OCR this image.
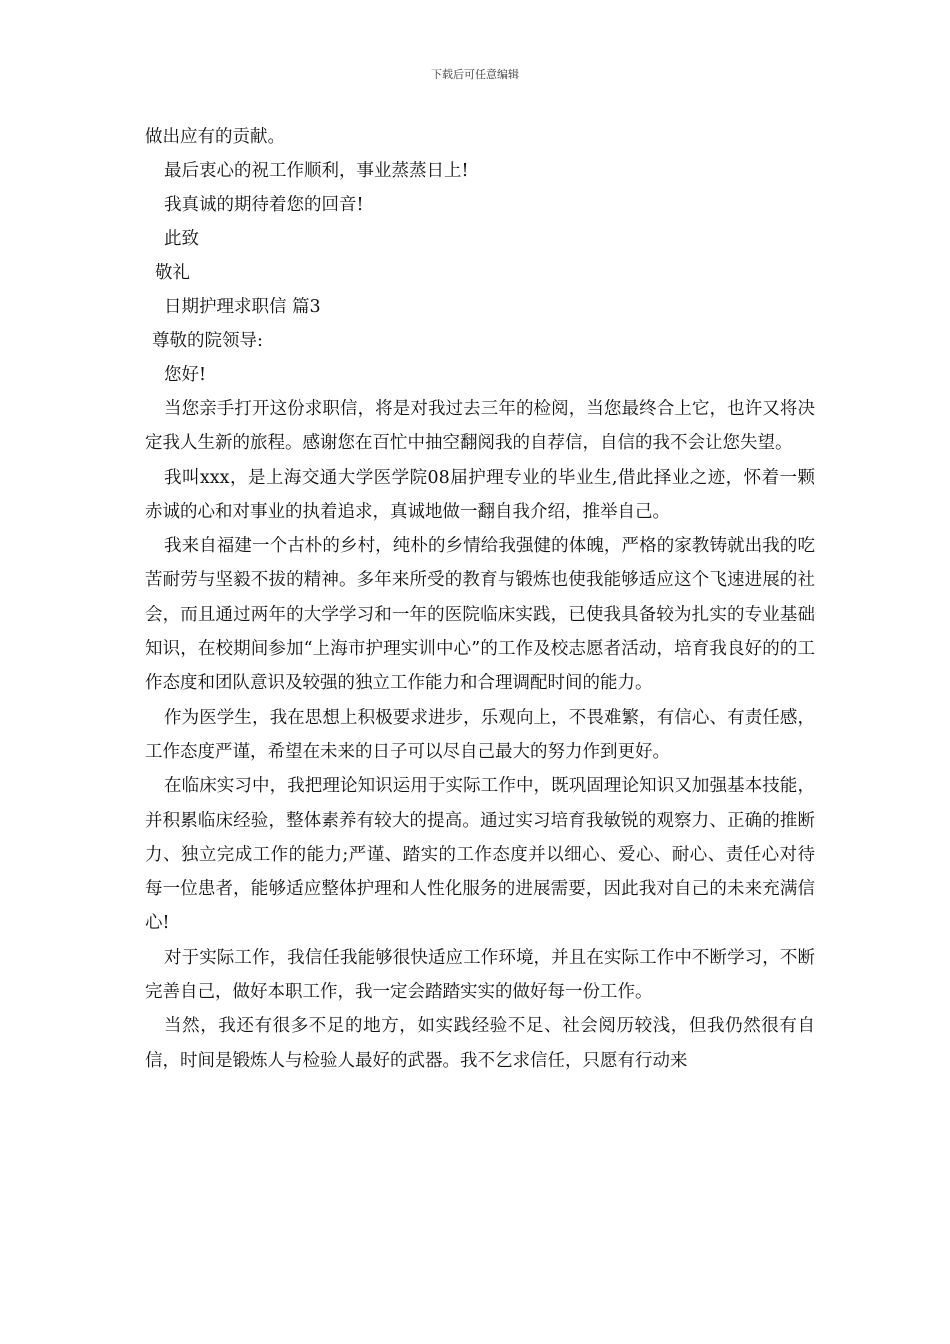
下载后可任意编辑

做出应有的贡献。

最后衷心的祝工作顺利，事业蒸蒸日上!

我真诚的期待着您的回音!

此致

敬礼

日期护理求职信 篇3

尊敬的院领导:

您好!

当您亲手打开这份求职信，将是对我过去三年的检阅，当您最终合上它，也许又将决定我人生新的旅程。感谢您在百忙中抽空翻阅我的自荐信，自信的我不会让您失望。

我叫xxx，是上海交通大学医学院08届护理专业的毕业生,借此择业之迹，怀着一颗赤诚的心和对事业的执着追求，真诚地做一翻自我介绍，推举自己。

我来自福建一个古朴的乡村，纯朴的乡情给我强健的体魄，严格的家教铸就出我的吃苦耐劳与坚毅不拔的精神。多年来所受的教育与锻炼也使我能够适应这个飞速进展的社会，而且通过两年的大学学习和一年的医院临床实践，已使我具备较为扎实的专业基础知识，在校期间参加“上海市护理实训中心”的工作及校志愿者活动，培育我良好的的工作态度和团队意识及较强的独立工作能力和合理调配时间的能力。

作为医学生，我在思想上积极要求进步，乐观向上，不畏难繁，有信心、有责任感，工作态度严谨，希望在未来的日子可以尽自己最大的努力作到更好。

在临床实习中，我把理论知识运用于实际工作中，既巩固理论知识又加强基本技能，并积累临床经验，整体素养有较大的提高。通过实习培育我敏锐的观察力、正确的推断力、独立完成工作的能力;严谨、踏实的工作态度并以细心、爱心、耐心、责任心对待每一位患者，能够适应整体护理和人性化服务的进展需要，因此我对自己的未来充满信心!

对于实际工作，我信任我能够很快适应工作环境，并且在实际工作中不断学习，不断完善自己，做好本职工作，我一定会踏踏实实的做好每一份工作。

当然，我还有很多不足的地方，如实践经验不足、社会阅历较浅，但我仍然很有自信，时间是锻炼人与检验人最好的武器。我不乞求信任，只愿有行动来
